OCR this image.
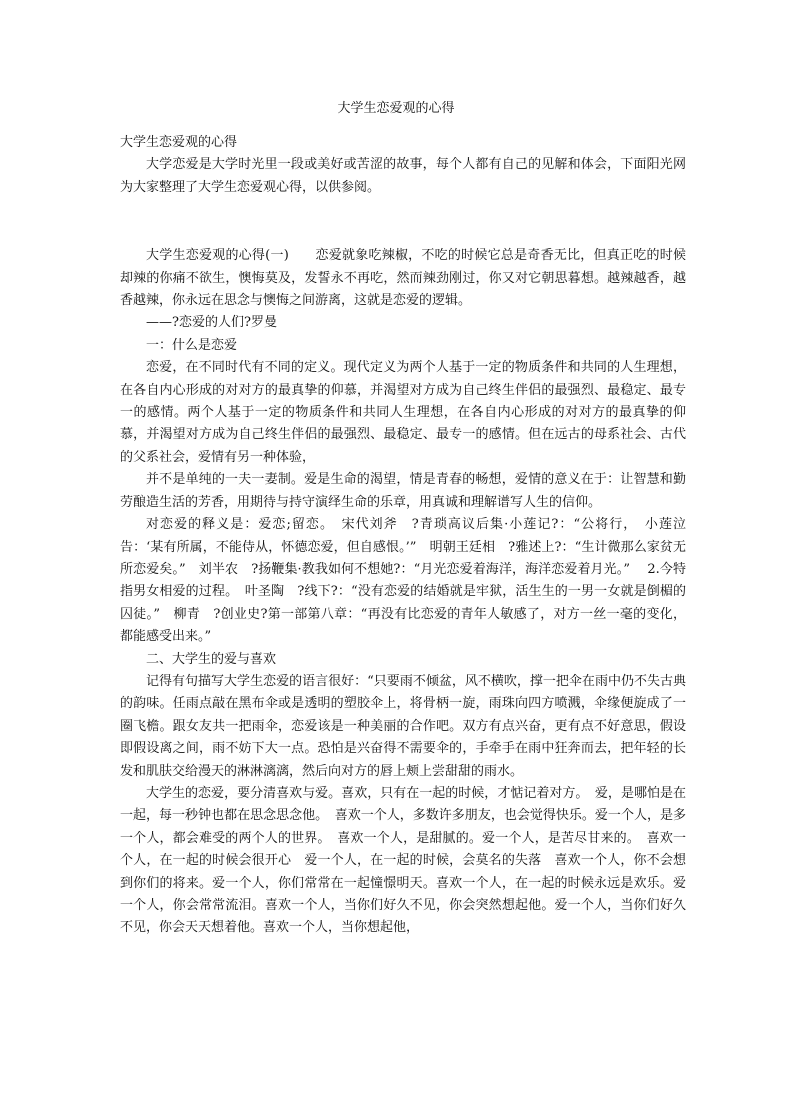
大学生恋爱观的心得

大学生恋爱观的心得

大学恋爱是大学时光里一段或美好或苦涩的故事，每个人都有自己的见解和体会，下面阳光网为大家整理了大学生恋爱观心得，以供参阅。

大学生恋爱观的心得(一)　　恋爱就象吃辣椒，不吃的时候它总是奇香无比，但真正吃的时候却辣的你痛不欲生，懊悔莫及，发誓永不再吃，然而辣劲刚过，你又对它朝思暮想。越辣越香，越香越辣，你永远在思念与懊悔之间游离，这就是恋爱的逻辑。

——?恋爱的人们?罗曼

一：什么是恋爱

恋爱，在不同时代有不同的定义。现代定义为两个人基于一定的物质条件和共同的人生理想，在各自内心形成的对对方的最真挚的仰慕，并渴望对方成为自己终生伴侣的最强烈、最稳定、最专一的感情。两个人基于一定的物质条件和共同人生理想，在各自内心形成的对对方的最真挚的仰慕，并渴望对方成为自己终生伴侣的最强烈、最稳定、最专一的感情。但在远古的母系社会、古代的父系社会，爱情有另一种体验，

并不是单纯的一夫一妻制。爱是生命的渴望，情是青春的畅想，爱情的意义在于：让智慧和勤劳酿造生活的芳香，用期待与持守演绎生命的乐章，用真诚和理解谱写人生的信仰。

对恋爱的释义是：爱恋;留恋。　宋代刘斧　?青琐高议后集·小莲记?：“公将行，　小莲泣告：‘某有所属，不能侍从，怀德恋爱，但自感恨。’”　明朝王廷相　?雅述上?：“生计微那么家贫无所恋爱矣。”　刘半农　?扬鞭集·教我如何不想她?：“月光恋爱着海洋，海洋恋爱着月光。”　 2.今特指男女相爱的过程。　叶圣陶　?线下?：“没有恋爱的结婚就是牢狱，活生生的一男一女就是倒楣的囚徒。”　柳青　?创业史?第一部第八章：“再没有比恋爱的青年人敏感了，对方一丝一毫的变化，都能感受出来。”

二、大学生的爱与喜欢

记得有句描写大学生恋爱的语言很好：“只要雨不倾盆，风不横吹，撑一把伞在雨中仍不失古典的韵味。任雨点敲在黑布伞或是透明的塑胶伞上，将骨柄一旋，雨珠向四方喷溅，伞缘便旋成了一圈飞檐。跟女友共一把雨伞，恋爱该是一种美丽的合作吧。双方有点兴奋，更有点不好意思，假设即假设离之间，雨不妨下大一点。恐怕是兴奋得不需要伞的，手牵手在雨中狂奔而去，把年轻的长发和肌肤交给漫天的淋淋漓漓，然后向对方的唇上颊上尝甜甜的雨水。

大学生的恋爱，要分清喜欢与爱。喜欢，只有在一起的时候，才惦记着对方。　爱，是哪怕是在一起，每一秒钟也都在思念思念他。　喜欢一个人，多数许多朋友，也会觉得快乐。爱一个人，是多一个人，都会难受的两个人的世界。　喜欢一个人，是甜腻的。爱一个人，是苦尽甘来的。　喜欢一个人，在一起的时候会很开心　爱一个人，在一起的时候，会莫名的失落　喜欢一个人，你不会想到你们的将来。爱一个人，你们常常在一起憧憬明天。喜欢一个人，在一起的时候永远是欢乐。爱一个人，你会常常流泪。喜欢一个人，当你们好久不见，你会突然想起他。爱一个人，当你们好久不见，你会天天想着他。喜欢一个人，当你想起他，
